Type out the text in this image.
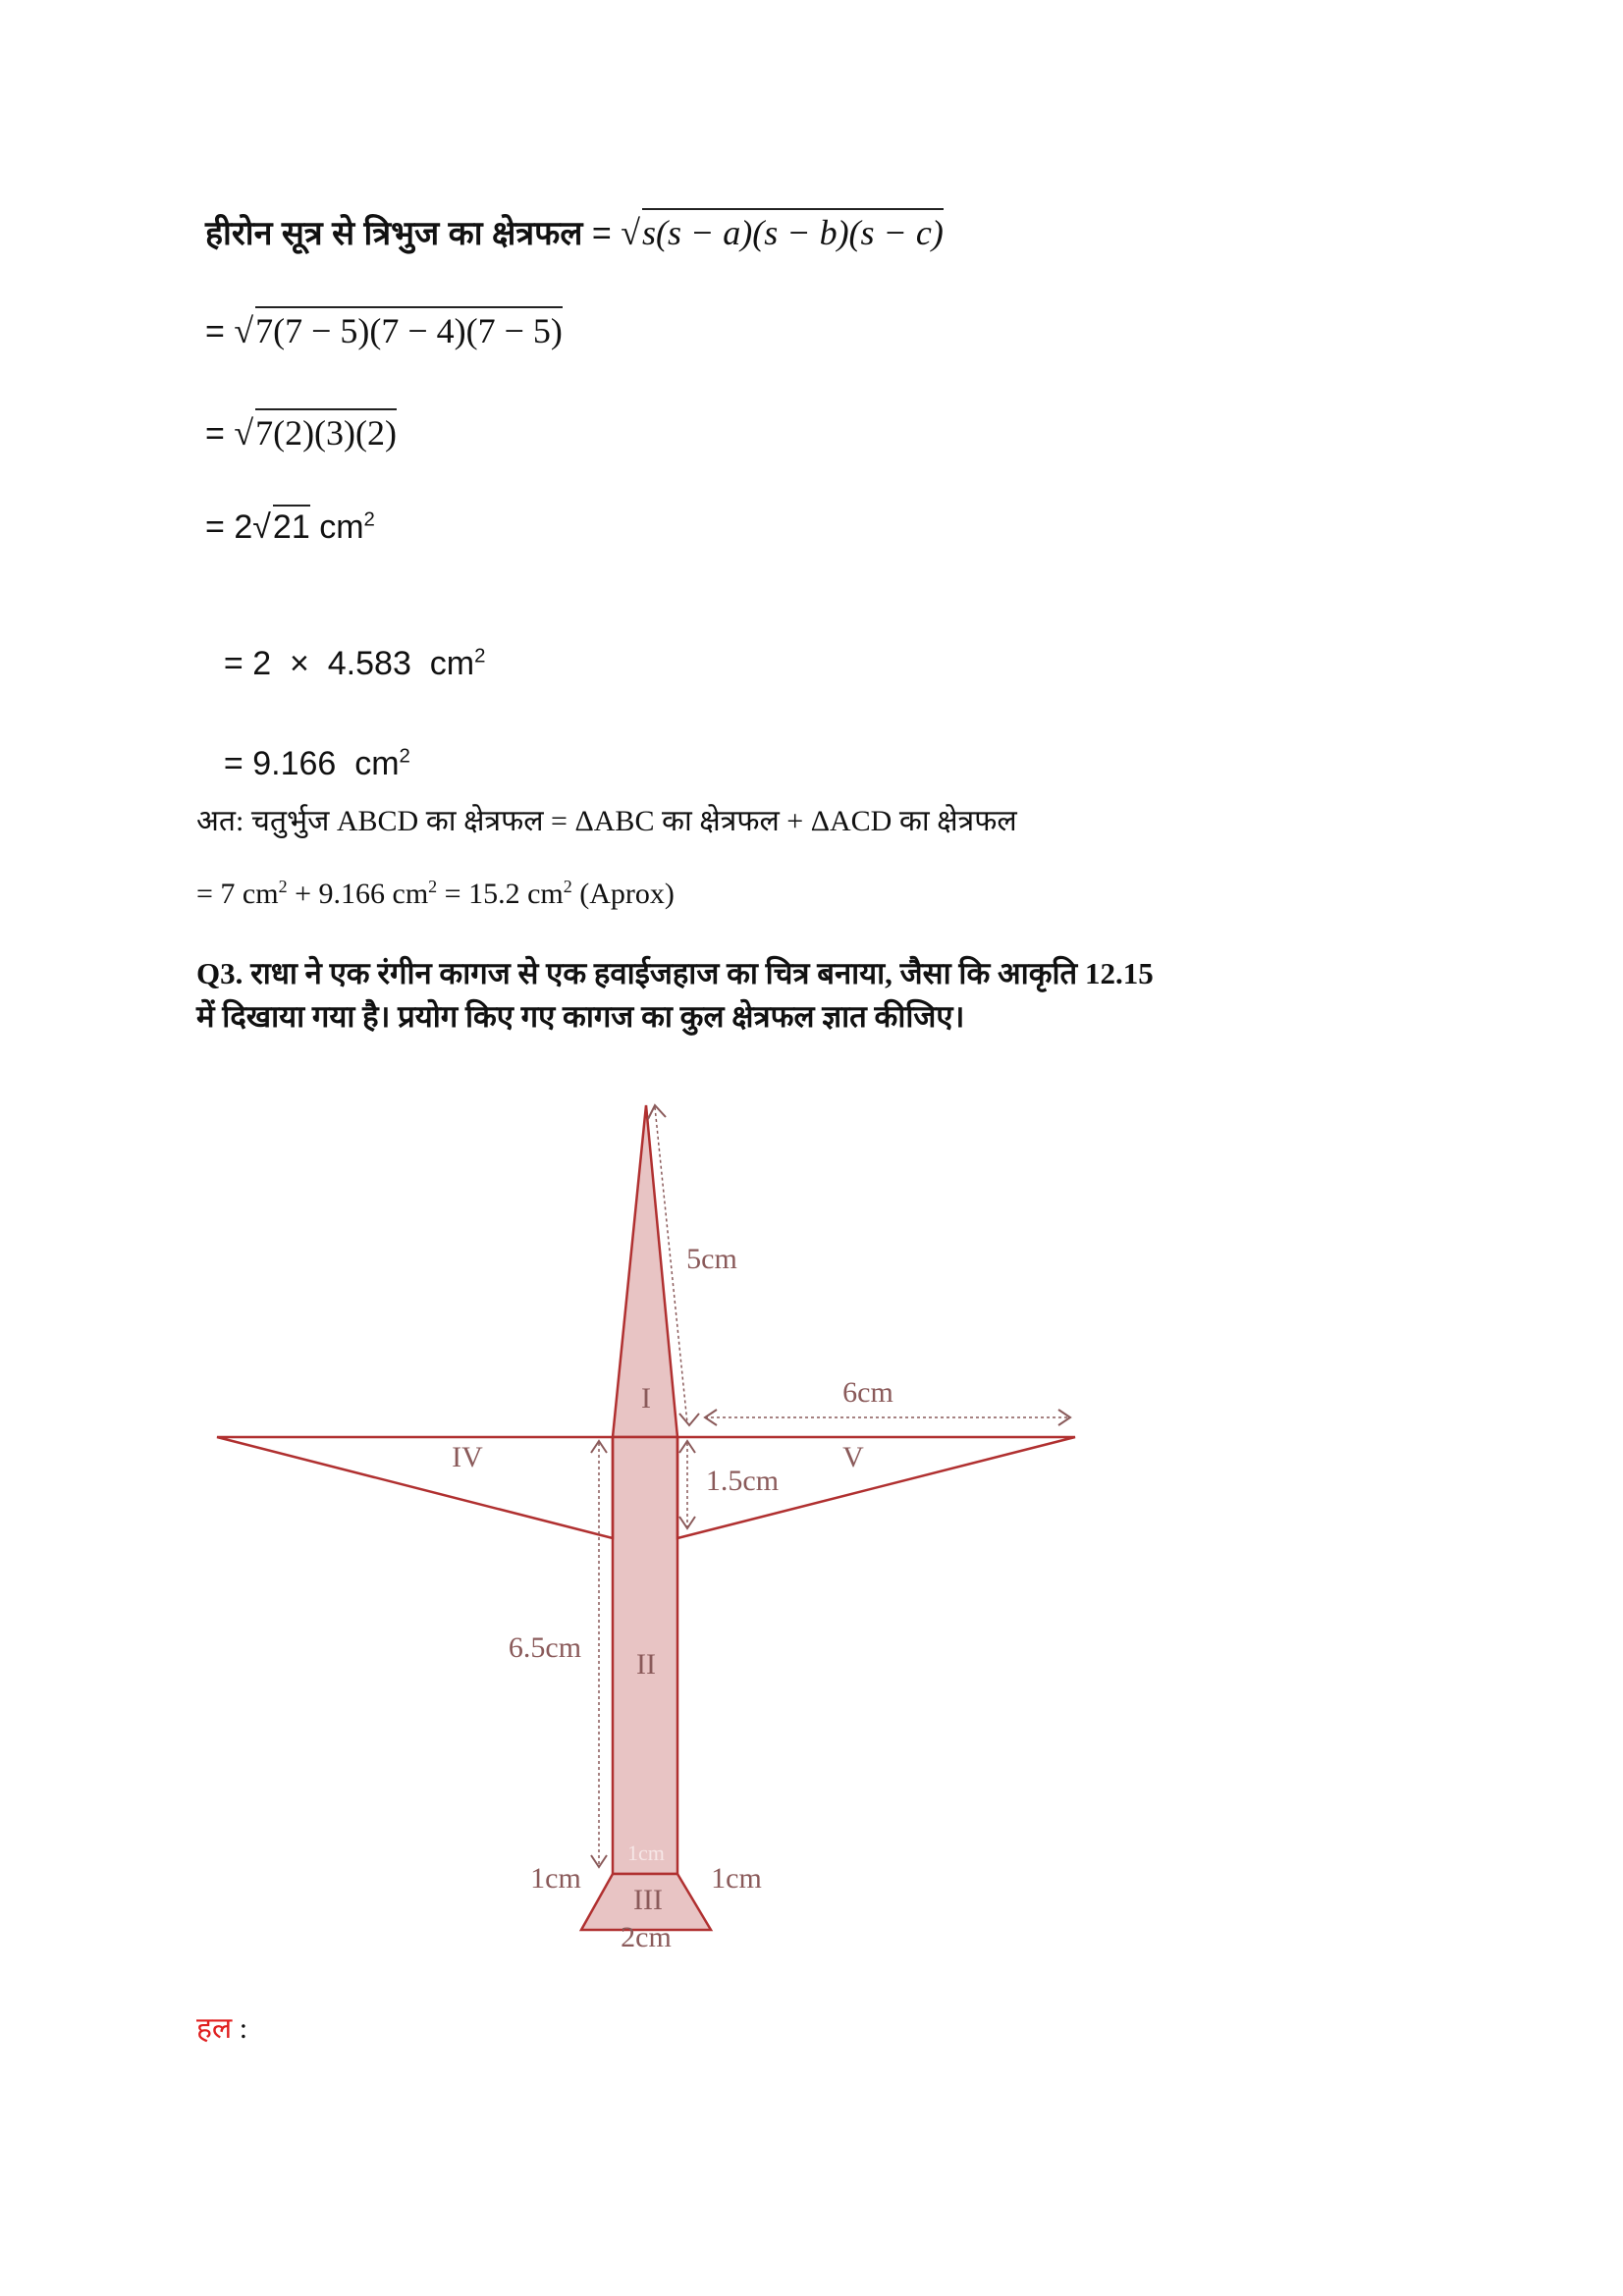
हीरोन सूत्र से त्रिभुज का क्षेत्रफल = √s(s − a)(s − b)(s − c)
= √7(7 − 5)(7 − 4)(7 − 5)
= √7(2)(3)(2)
= 2√21 $cm^2$

= 2  ×  4.583  $cm^2$

= 9.166  $cm^2$

अत: चतुर्भुज ABCD का क्षेत्रफल = ΔABC का क्षेत्रफल + ΔACD का क्षेत्रफल
= 7 $cm^2 + 9.166$ $cm^2 = 15.2$ $cm^2$ (Aprox)
Q3. राधा ने एक रंगीन कागज से एक हवाईजहाज का चित्र बनाया, जैसा कि आकृति 12.15
में दिखाया गया है। प्रयोग किए गए कागज का कुल क्षेत्रफल ज्ञात कीजिए।
I
II
III
IV	V
5cm
6cm
1.5cm
6.5cm
1cm
1cm	1cm
2cm
हल :
